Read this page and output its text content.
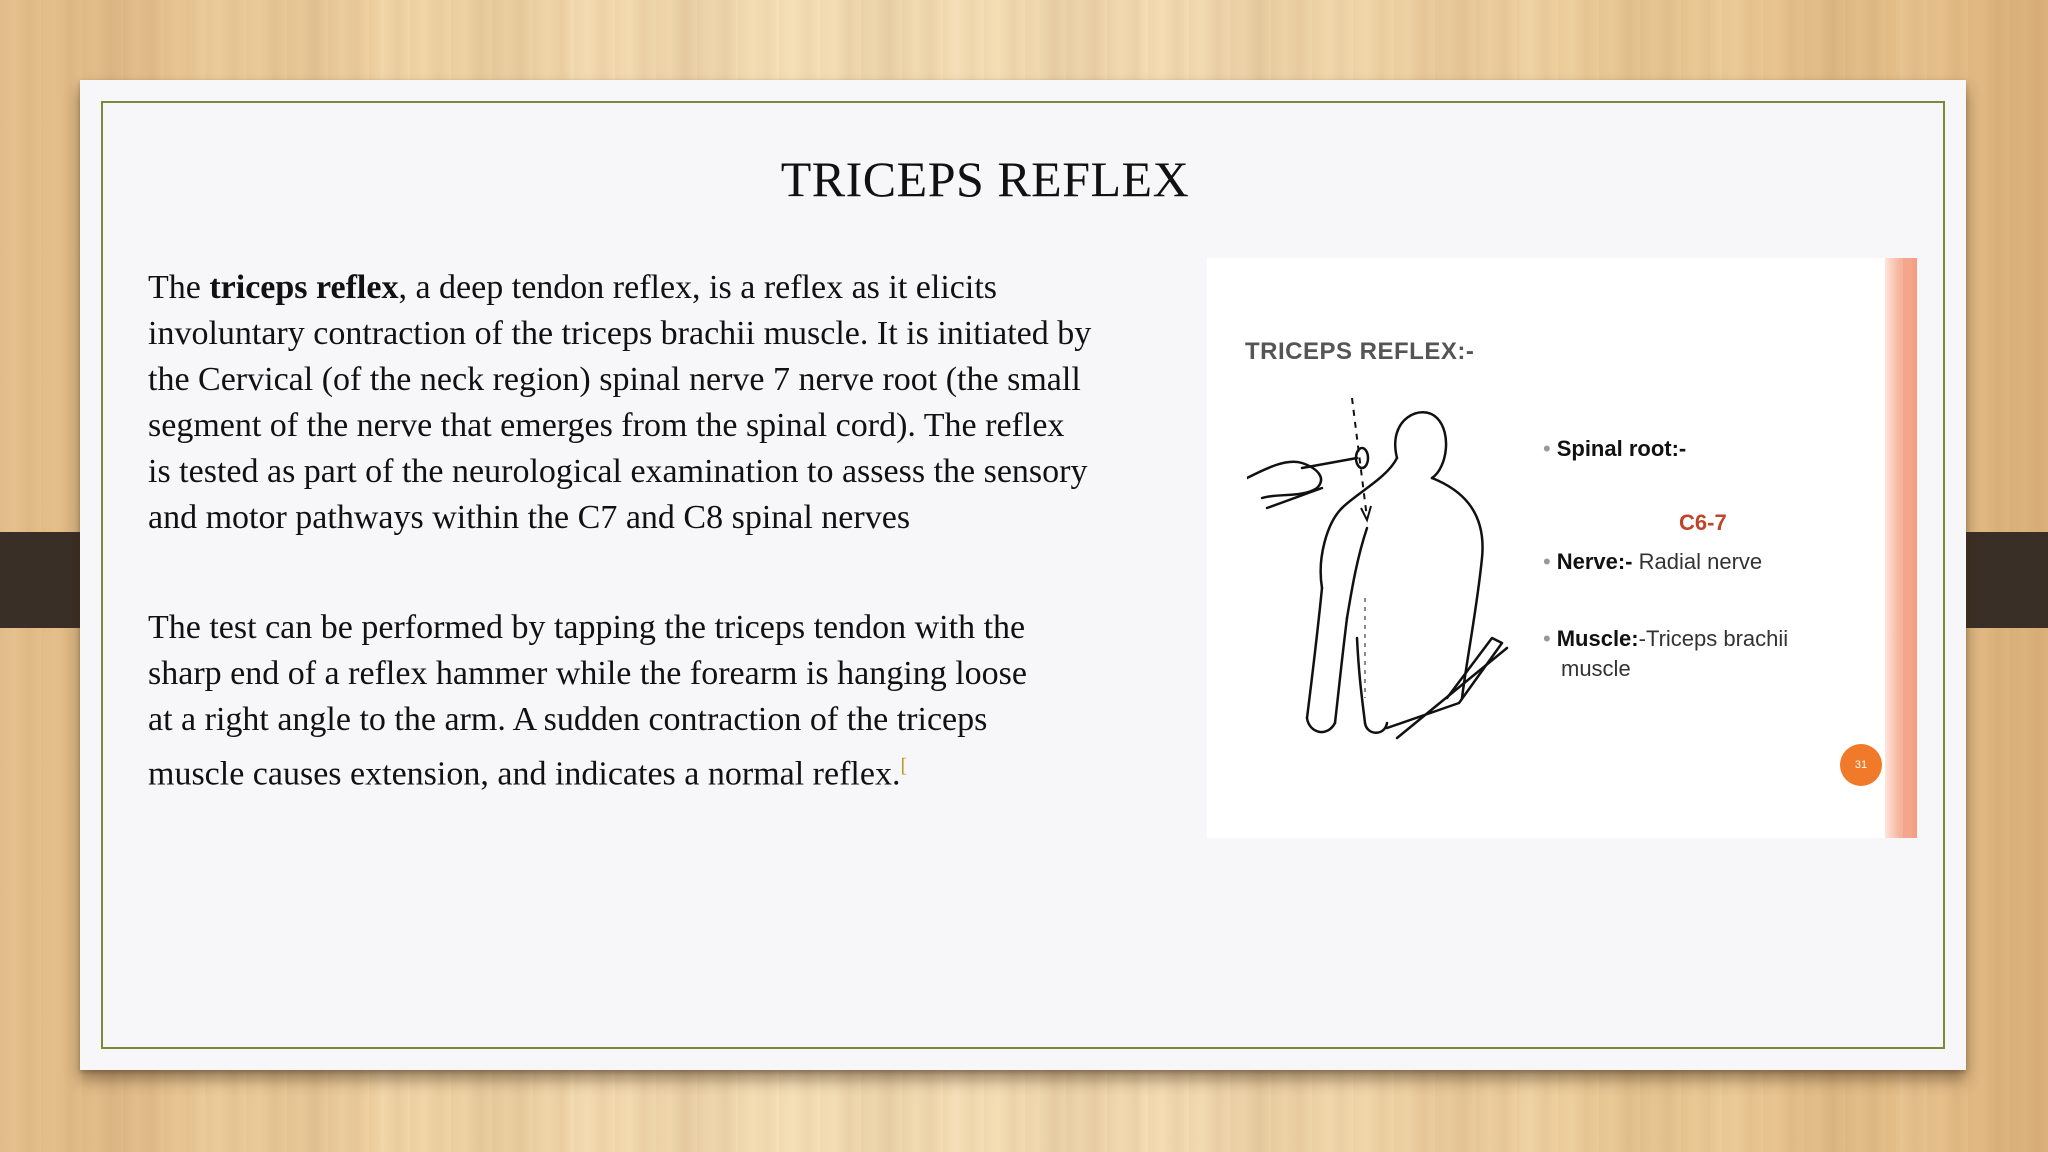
TRICEPS REFLEX

The triceps reflex, a deep tendon reflex, is a reflex as it elicits
involuntary contraction of the triceps brachii muscle. It is initiated by
the Cervical (of the neck region) spinal nerve 7 nerve root (the small
segment of the nerve that emerges from the spinal cord). The reflex
is tested as part of the neurological examination to assess the sensory
and motor pathways within the C7 and C8 spinal nerves

The test can be performed by tapping the triceps tendon with the
sharp end of a reflex hammer while the forearm is hanging loose
at a right angle to the arm. A sudden contraction of the triceps
muscle causes extension, and indicates a normal reflex.[

TRICEPS REFLEX:-
• Spinal root:-
C6-7
• Nerve:- Radial nerve
• Muscle:-Triceps brachii
muscle
31
